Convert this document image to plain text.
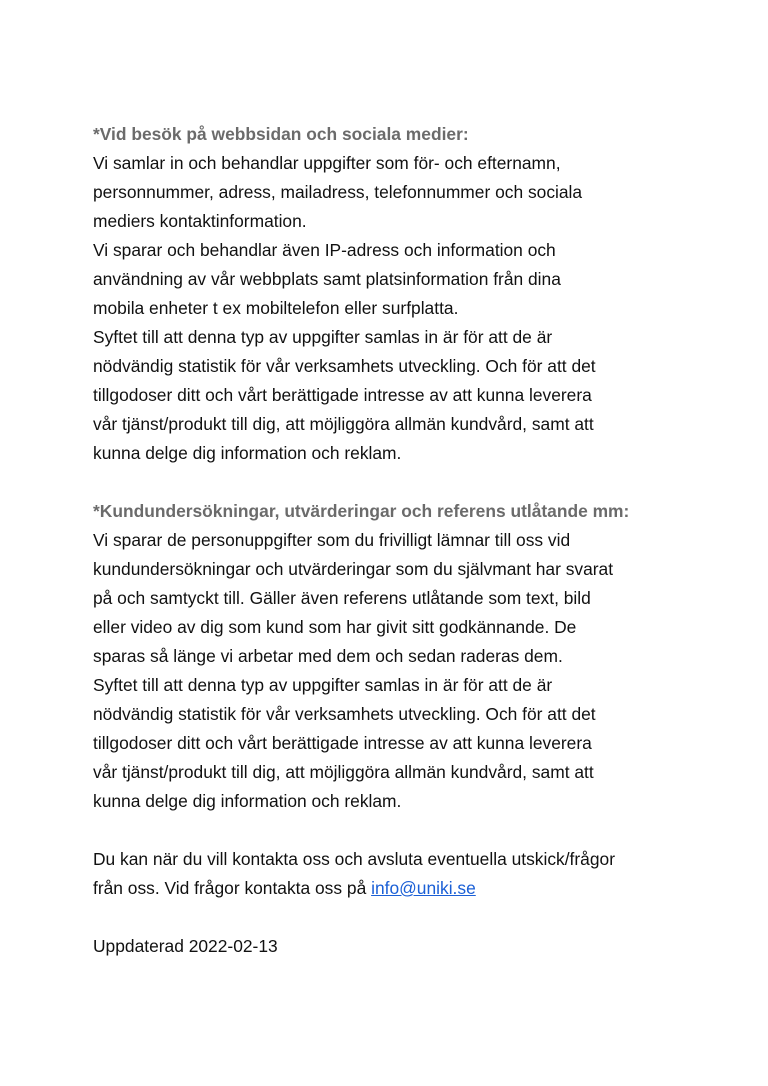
*Vid besök på webbsidan och sociala medier:
Vi samlar in och behandlar uppgifter som för- och efternamn,
personnummer, adress, mailadress, telefonnummer och sociala
mediers kontaktinformation.
Vi sparar och behandlar även IP-adress och information och
användning av vår webbplats samt platsinformation från dina
mobila enheter t ex mobiltelefon eller surfplatta.
Syftet till att denna typ av uppgifter samlas in är för att de är
nödvändig statistik för vår verksamhets utveckling. Och för att det
tillgodoser ditt och vårt berättigade intresse av att kunna leverera
vår tjänst/produkt till dig, att möjliggöra allmän kundvård, samt att
kunna delge dig information och reklam.
*Kundundersökningar, utvärderingar och referens utlåtande mm:
Vi sparar de personuppgifter som du frivilligt lämnar till oss vid
kundundersökningar och utvärderingar som du självmant har svarat
på och samtyckt till. Gäller även referens utlåtande som text, bild
eller video av dig som kund som har givit sitt godkännande. De
sparas så länge vi arbetar med dem och sedan raderas dem.
Syftet till att denna typ av uppgifter samlas in är för att de är
nödvändig statistik för vår verksamhets utveckling. Och för att det
tillgodoser ditt och vårt berättigade intresse av att kunna leverera
vår tjänst/produkt till dig, att möjliggöra allmän kundvård, samt att
kunna delge dig information och reklam.
Du kan när du vill kontakta oss och avsluta eventuella utskick/frågor
från oss. Vid frågor kontakta oss på info@uniki.se
Uppdaterad 2022-02-13
